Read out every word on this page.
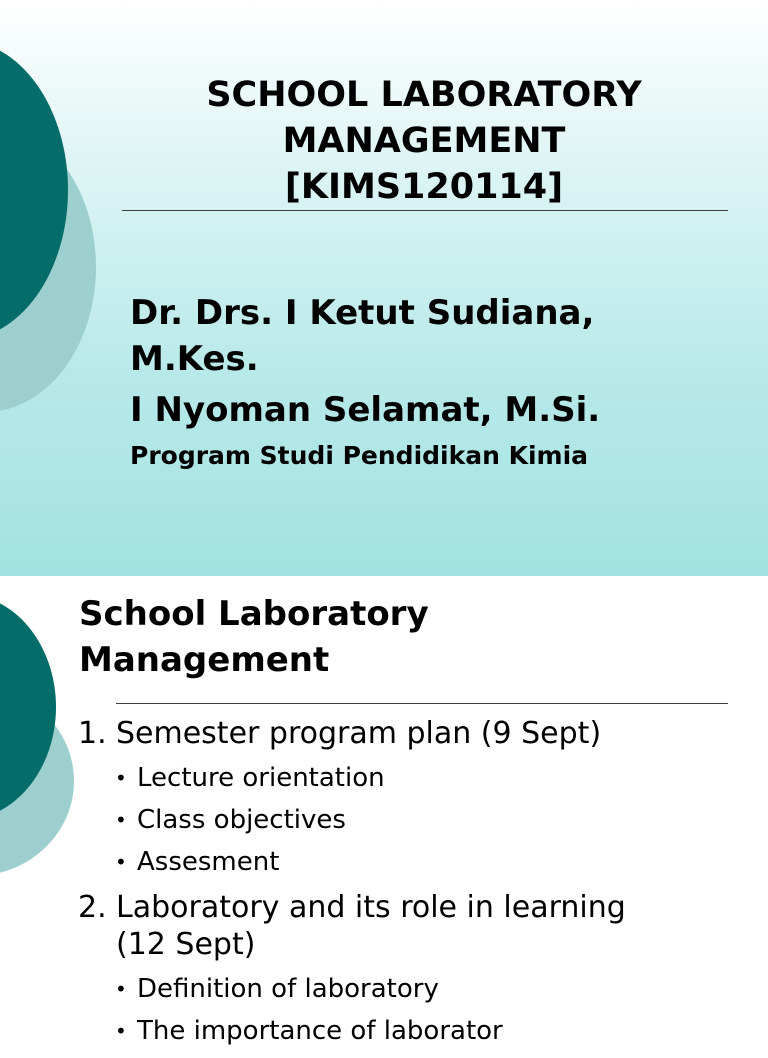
SCHOOL LABORATORY
MANAGEMENT
[KIMS120114]
Dr. Drs. I Ketut Sudiana,
M.Kes.
I Nyoman Selamat, M.Si.
Program Studi Pendidikan Kimia
School Laboratory
Management
1. Semester program plan (9 Sept)
• Lecture orientation
• Class objectives
• Assesment
2. Laboratory and its role in learning
(12 Sept)
• Definition of laboratory
• The importance of laborator
